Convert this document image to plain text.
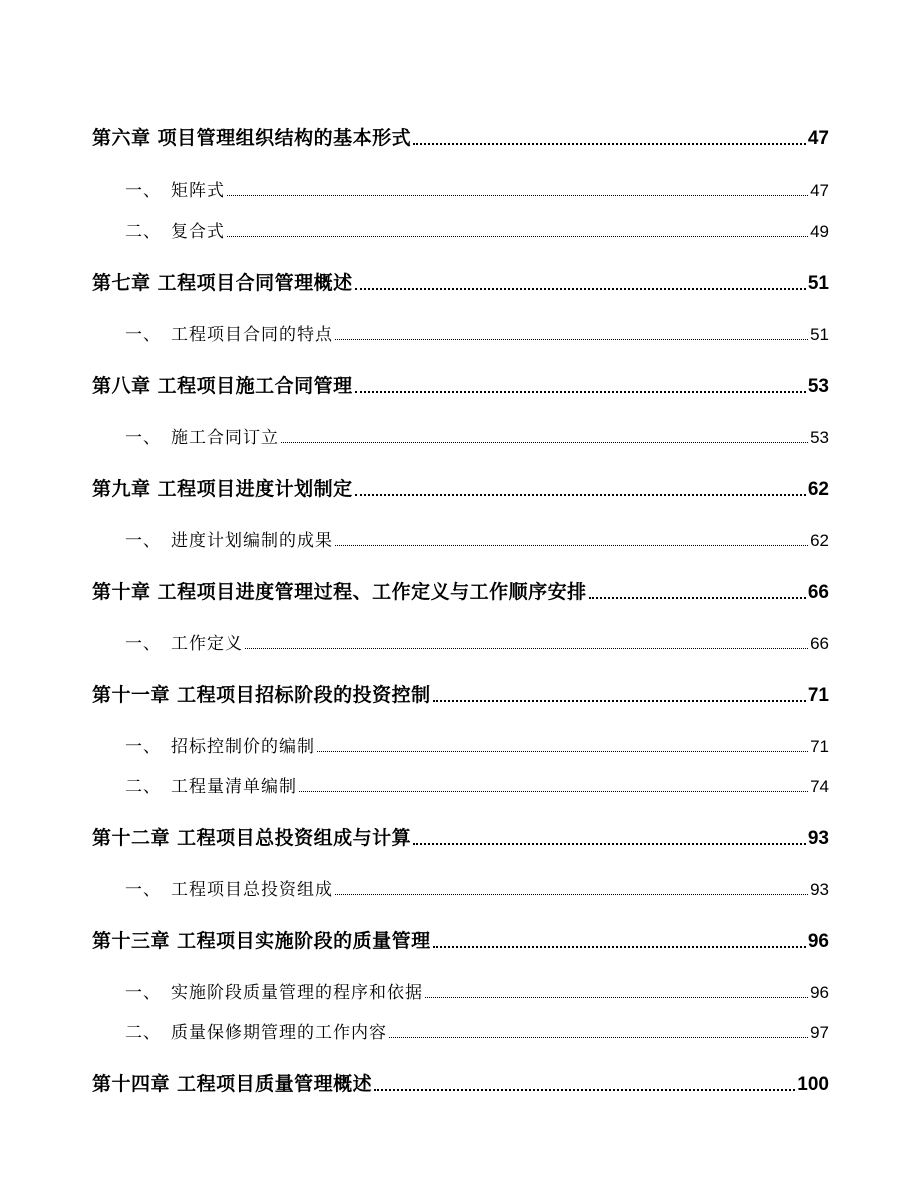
第六章 项目管理组织结构的基本形式	47
一、 矩阵式	47
二、 复合式	49
第七章 工程项目合同管理概述	51
一、 工程项目合同的特点	51
第八章 工程项目施工合同管理	53
一、 施工合同订立	53
第九章 工程项目进度计划制定	62
一、 进度计划编制的成果	62
第十章 工程项目进度管理过程、工作定义与工作顺序安排	66
一、 工作定义	66
第十一章 工程项目招标阶段的投资控制	71
一、 招标控制价的编制	71
二、 工程量清单编制	74
第十二章 工程项目总投资组成与计算	93
一、 工程项目总投资组成	93
第十三章 工程项目实施阶段的质量管理	96
一、 实施阶段质量管理的程序和依据	96
二、 质量保修期管理的工作内容	97
第十四章 工程项目质量管理概述	100
